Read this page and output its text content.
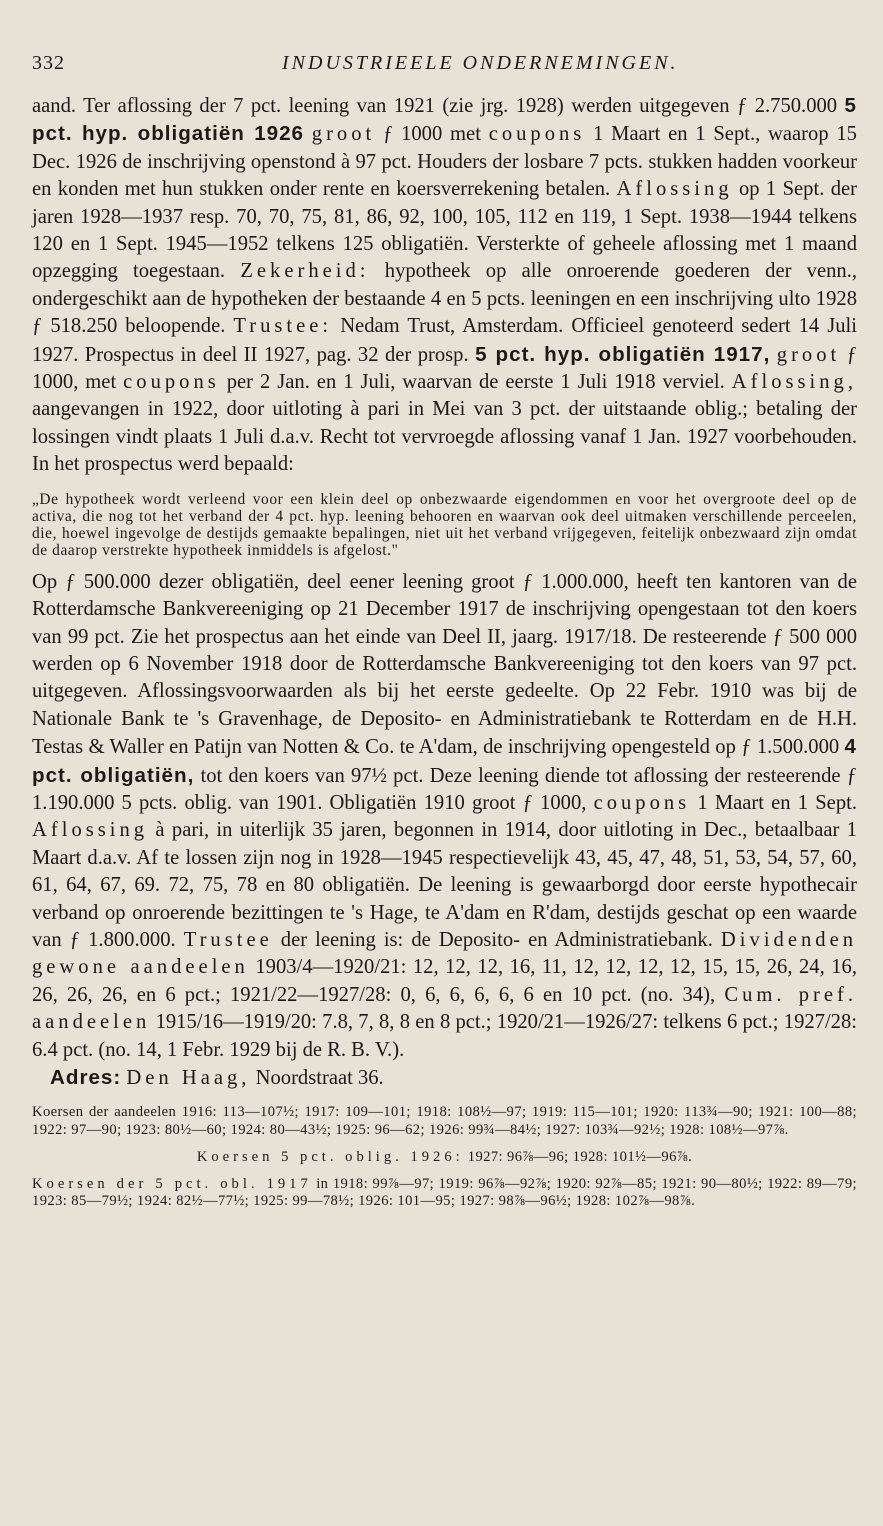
332	INDUSTRIEELE ONDERNEMINGEN.

aand. Ter aflossing der 7 pct. leening van 1921 (zie jrg. 1928) werden uitgegeven ƒ 2.750.000 5 pct. hyp. obligatiën 1926 groot ƒ 1000 met coupons 1 Maart en 1 Sept., waarop 15 Dec. 1926 de inschrijving openstond à 97 pct. Houders der losbare 7 pcts. stukken hadden voorkeur en konden met hun stukken onder rente en koersverrekening betalen. Aflossing op 1 Sept. der jaren 1928—1937 resp. 70, 70, 75, 81, 86, 92, 100, 105, 112 en 119, 1 Sept. 1938—1944 telkens 120 en 1 Sept. 1945—1952 telkens 125 obligatiën. Versterkte of geheele aflossing met 1 maand opzegging toegestaan. Zekerheid: hypotheek op alle onroerende goederen der venn., ondergeschikt aan de hypotheken der bestaande 4 en 5 pcts. leeningen en een inschrijving ulto 1928 ƒ 518.250 beloopende. Trustee: Nedam Trust, Amsterdam. Officieel genoteerd sedert 14 Juli 1927. Prospectus in deel II 1927, pag. 32 der prosp. 5 pct. hyp. obligatiën 1917, groot ƒ 1000, met coupons per 2 Jan. en 1 Juli, waarvan de eerste 1 Juli 1918 verviel. Aflossing, aangevangen in 1922, door uitloting à pari in Mei van 3 pct. der uitstaande oblig.; betaling der lossingen vindt plaats 1 Juli d.a.v. Recht tot vervroegde aflossing vanaf 1 Jan. 1927 voorbehouden. In het prospectus werd bepaald:

„De hypotheek wordt verleend voor een klein deel op onbezwaarde eigendommen en voor het overgroote deel op de activa, die nog tot het verband der 4 pct. hyp. leening behooren en waarvan ook deel uitmaken verschillende perceelen, die, hoewel ingevolge de destijds gemaakte bepalingen, niet uit het verband vrijgegeven, feitelijk onbezwaard zijn omdat de daarop verstrekte hypotheek inmiddels is afgelost."

Op ƒ 500.000 dezer obligatiën, deel eener leening groot ƒ 1.000.000, heeft ten kantoren van de Rotterdamsche Bankvereeniging op 21 December 1917 de inschrijving opengestaan tot den koers van 99 pct. Zie het prospectus aan het einde van Deel II, jaarg. 1917/18. De resteerende ƒ 500 000 werden op 6 November 1918 door de Rotterdamsche Bankvereeniging tot den koers van 97 pct. uitgegeven. Aflossingsvoorwaarden als bij het eerste gedeelte. Op 22 Febr. 1910 was bij de Nationale Bank te 's Gravenhage, de Deposito- en Administratiebank te Rotterdam en de H.H. Testas & Waller en Patijn van Notten & Co. te A'dam, de inschrijving opengesteld op ƒ 1.500.000 4 pct. obligatiën, tot den koers van 97½ pct. Deze leening diende tot aflossing der resteerende ƒ 1.190.000 5 pcts. oblig. van 1901. Obligatiën 1910 groot ƒ 1000, coupons 1 Maart en 1 Sept. Aflossing à pari, in uiterlijk 35 jaren, begonnen in 1914, door uitloting in Dec., betaalbaar 1 Maart d.a.v. Af te lossen zijn nog in 1928—1945 respectievelijk 43, 45, 47, 48, 51, 53, 54, 57, 60, 61, 64, 67, 69. 72, 75, 78 en 80 obligatiën. De leening is gewaarborgd door eerste hypothecair verband op onroerende bezittingen te 's Hage, te A'dam en R'dam, destijds geschat op een waarde van ƒ 1.800.000. Trustee der leening is: de Deposito- en Administratiebank. Dividenden gewone aandeelen 1903/4—1920/21: 12, 12, 12, 16, 11, 12, 12, 12, 12, 15, 15, 26, 24, 16, 26, 26, 26, en 6 pct.; 1921/22—1927/28: 0, 6, 6, 6, 6, 6 en 10 pct. (no. 34), Cum. pref. aandeelen 1915/16—1919/20: 7.8, 7, 8, 8 en 8 pct.; 1920/21—1926/27: telkens 6 pct.; 1927/28: 6.4 pct. (no. 14, 1 Febr. 1929 bij de R. B. V.).

Adres: Den Haag, Noordstraat 36.

Koersen der aandeelen 1916: 113—107½; 1917: 109—101; 1918: 108½—97; 1919: 115—101; 1920: 113¾—90; 1921: 100—88; 1922: 97—90; 1923: 80½—60; 1924: 80—43½; 1925: 96—62; 1926: 99¾—84½; 1927: 103¾—92½; 1928: 108½—97⅞.

Koersen 5 pct. oblig. 1926: 1927: 96⅞—96; 1928: 101½—96⅞.

Koersen der 5 pct. obl. 1917 in 1918: 99⅞—97; 1919: 96⅞—92⅞; 1920: 92⅞—85; 1921: 90—80½; 1922: 89—79; 1923: 85—79½; 1924: 82½—77½; 1925: 99—78½; 1926: 101—95; 1927: 98⅞—96½; 1928: 102⅞—98⅞.
